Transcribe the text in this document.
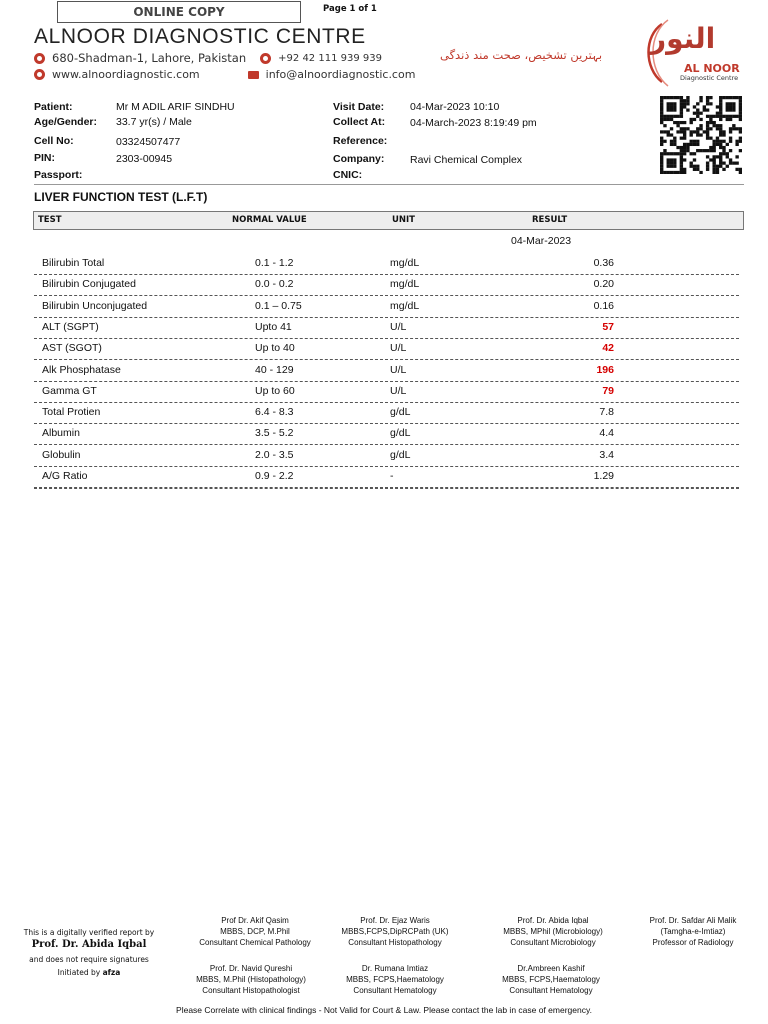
ONLINE COPY	Page 1 of 1
ALNOOR DIAGNOSTIC CENTRE
680-Shadman-1, Lahore, Pakistan	+92 42 111 939 939
www.alnoordiagnostic.com	info@alnoordiagnostic.com
بہترین تشخیص، صحت مند ذندگی النور
AL NOOR
Diagnostic Centre
Patient:	Mr M ADIL ARIF SINDHU
Age/Gender: 33.7 yr(s) / Male
Cell No:	03324507477
PIN:	2303-00945
Passport:
Visit Date: 04-Mar-2023 10:10
Collect At: 04-March-2023 8:19:49 pm
Reference:
Company: Ravi Chemical Complex
CNIC:
LIVER FUNCTION TEST (L.F.T)
TEST	NORMAL VALUE	UNIT	RESULT
04-Mar-2023
Bilirubin Total	0.1 - 1.2	mg/dL	0.36
Bilirubin Conjugated	0.0 - 0.2	mg/dL	0.20
Bilirubin Unconjugated	0.1 – 0.75	mg/dL	0.16
ALT (SGPT)	Upto 41	U/L	57
AST (SGOT)	Up to 40	U/L	42
Alk Phosphatase	40 - 129	U/L	196
Gamma GT	Up to 60	U/L	79
Total Protien	6.4 - 8.3	g/dL	7.8
Albumin	3.5 - 5.2	g/dL	4.4
Globulin	2.0 - 3.5	g/dL	3.4
A/G Ratio	0.9 - 2.2	-	1.29
This is a digitally verified report by
Prof. Dr. Abida Iqbal
and does not require signatures
Initiated by afza
Prof Dr. Akif Qasim
MBBS, DCP, M.Phil
Consultant Chemical Pathology
Prof. Dr. Ejaz Waris
MBBS,FCPS,DipRCPath (UK)
Consultant Histopathology
Prof. Dr. Abida Iqbal
MBBS, MPhil (Microbiology)
Consultant Microbiology
Prof. Dr. Safdar Ali Malik
(Tamgha-e-Imtiaz)
Professor of Radiology
Prof. Dr. Navid Qureshi
MBBS, M.Phil (Histopathology)
Consultant Histopathologist
Dr. Rumana Imtiaz
MBBS, FCPS,Haematology
Consultant Hematology
Dr.Ambreen Kashif
MBBS, FCPS,Haematology
Consultant Hematology
Please Correlate with clinical findings - Not Valid for Court & Law. Please contact the lab in case of emergency.
